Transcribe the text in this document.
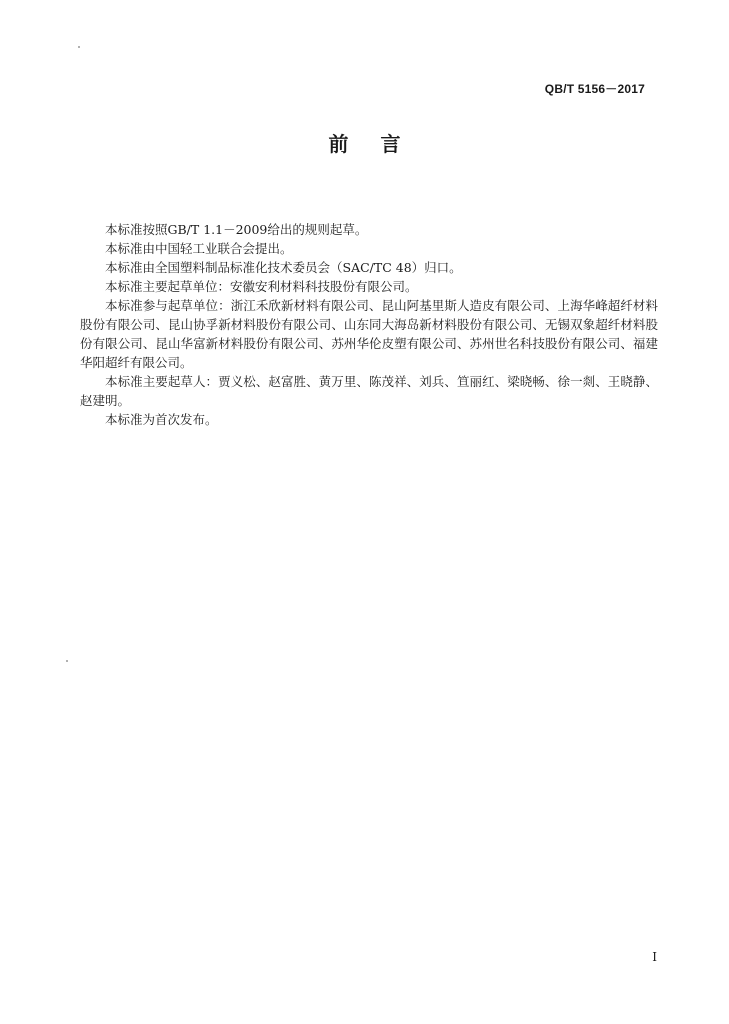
QB/T 5156－2017
前 言

本标准按照GB/T 1.1－2009给出的规则起草。

本标准由中国轻工业联合会提出。

本标准由全国塑料制品标准化技术委员会（SAC/TC 48）归口。

本标准主要起草单位：安徽安利材料科技股份有限公司。

本标准参与起草单位：浙江禾欣新材料有限公司、昆山阿基里斯人造皮有限公司、上海华峰超纤材料股份有限公司、昆山协孚新材料股份有限公司、山东同大海岛新材料股份有限公司、无锡双象超纤材料股份有限公司、昆山华富新材料股份有限公司、苏州华伦皮塑有限公司、苏州世名科技股份有限公司、福建华阳超纤有限公司。

本标准主要起草人：贾义松、赵富胜、黄万里、陈茂祥、刘兵、笪丽红、梁晓畅、徐一剡、王晓静、赵建明。

本标准为首次发布。

I
